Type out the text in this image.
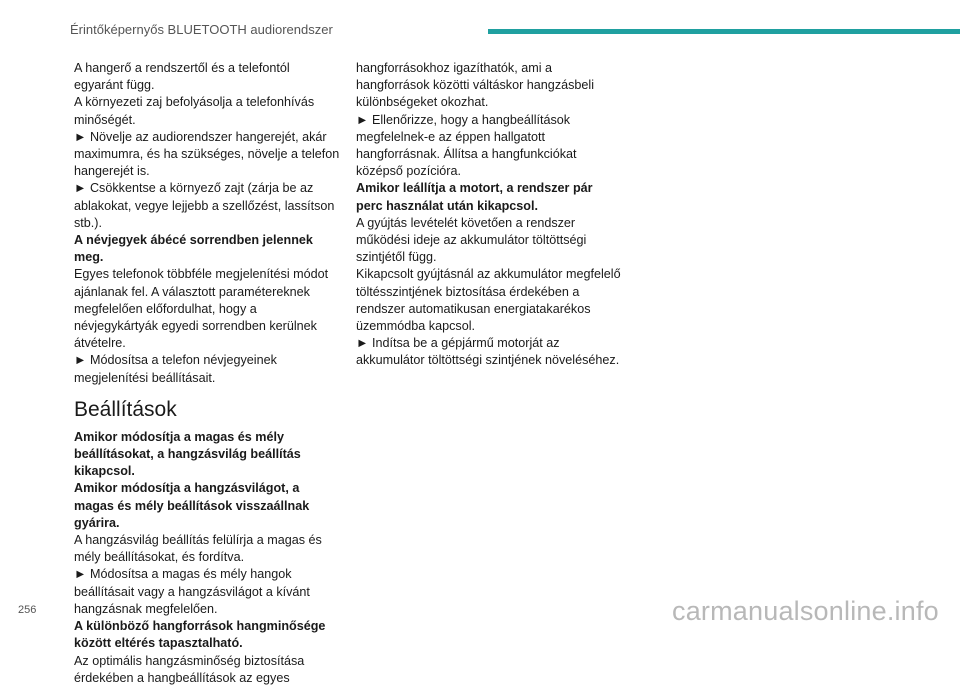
Érintőképernyős BLUETOOTH audiorendszer

A hangerő a rendszertől és a telefontól egyaránt függ.

A környezeti zaj befolyásolja a telefonhívás minőségét.

► Növelje az audiorendszer hangerejét, akár maximumra, és ha szükséges, növelje a telefon hangerejét is.

► Csökkentse a környező zajt (zárja be az ablakokat, vegye lejjebb a szellőzést, lassítson stb.).

A névjegyek ábécé sorrendben jelennek meg.

Egyes telefonok többféle megjelenítési módot ajánlanak fel. A választott paramétereknek megfelelően előfordulhat, hogy a névjegykártyák egyedi sorrendben kerülnek átvételre.

► Módosítsa a telefon névjegyeinek megjelenítési beállításait.

Beállítások

Amikor módosítja a magas és mély beállításokat, a hangzásvilág beállítás kikapcsol.

Amikor módosítja a hangzásvilágot, a magas és mély beállítások visszaállnak gyárira.

A hangzásvilág beállítás felülírja a magas és mély beállításokat, és fordítva.

► Módosítsa a magas és mély hangok beállításait vagy a hangzásvilágot a kívánt hangzásnak megfelelően.

A különböző hangforrások hangminősége között eltérés tapasztalható.

Az optimális hangzásminőség biztosítása érdekében a hangbeállítások az egyes

hangforrásokhoz igazíthatók, ami a hangforrások közötti váltáskor hangzásbeli különbségeket okozhat.

► Ellenőrizze, hogy a hangbeállítások megfelelnek-e az éppen hallgatott hangforrásnak. Állítsa a hangfunkciókat középső pozícióra.

Amikor leállítja a motort, a rendszer pár perc használat után kikapcsol.

A gyújtás levételét követően a rendszer működési ideje az akkumulátor töltöttségi szintjétől függ.

Kikapcsolt gyújtásnál az akkumulátor megfelelő töltésszintjének biztosítása érdekében a rendszer automatikusan energiatakarékos üzemmódba kapcsol.

► Indítsa be a gépjármű motorját az akkumulátor töltöttségi szintjének növeléséhez.

256	carmanualsonline.info
